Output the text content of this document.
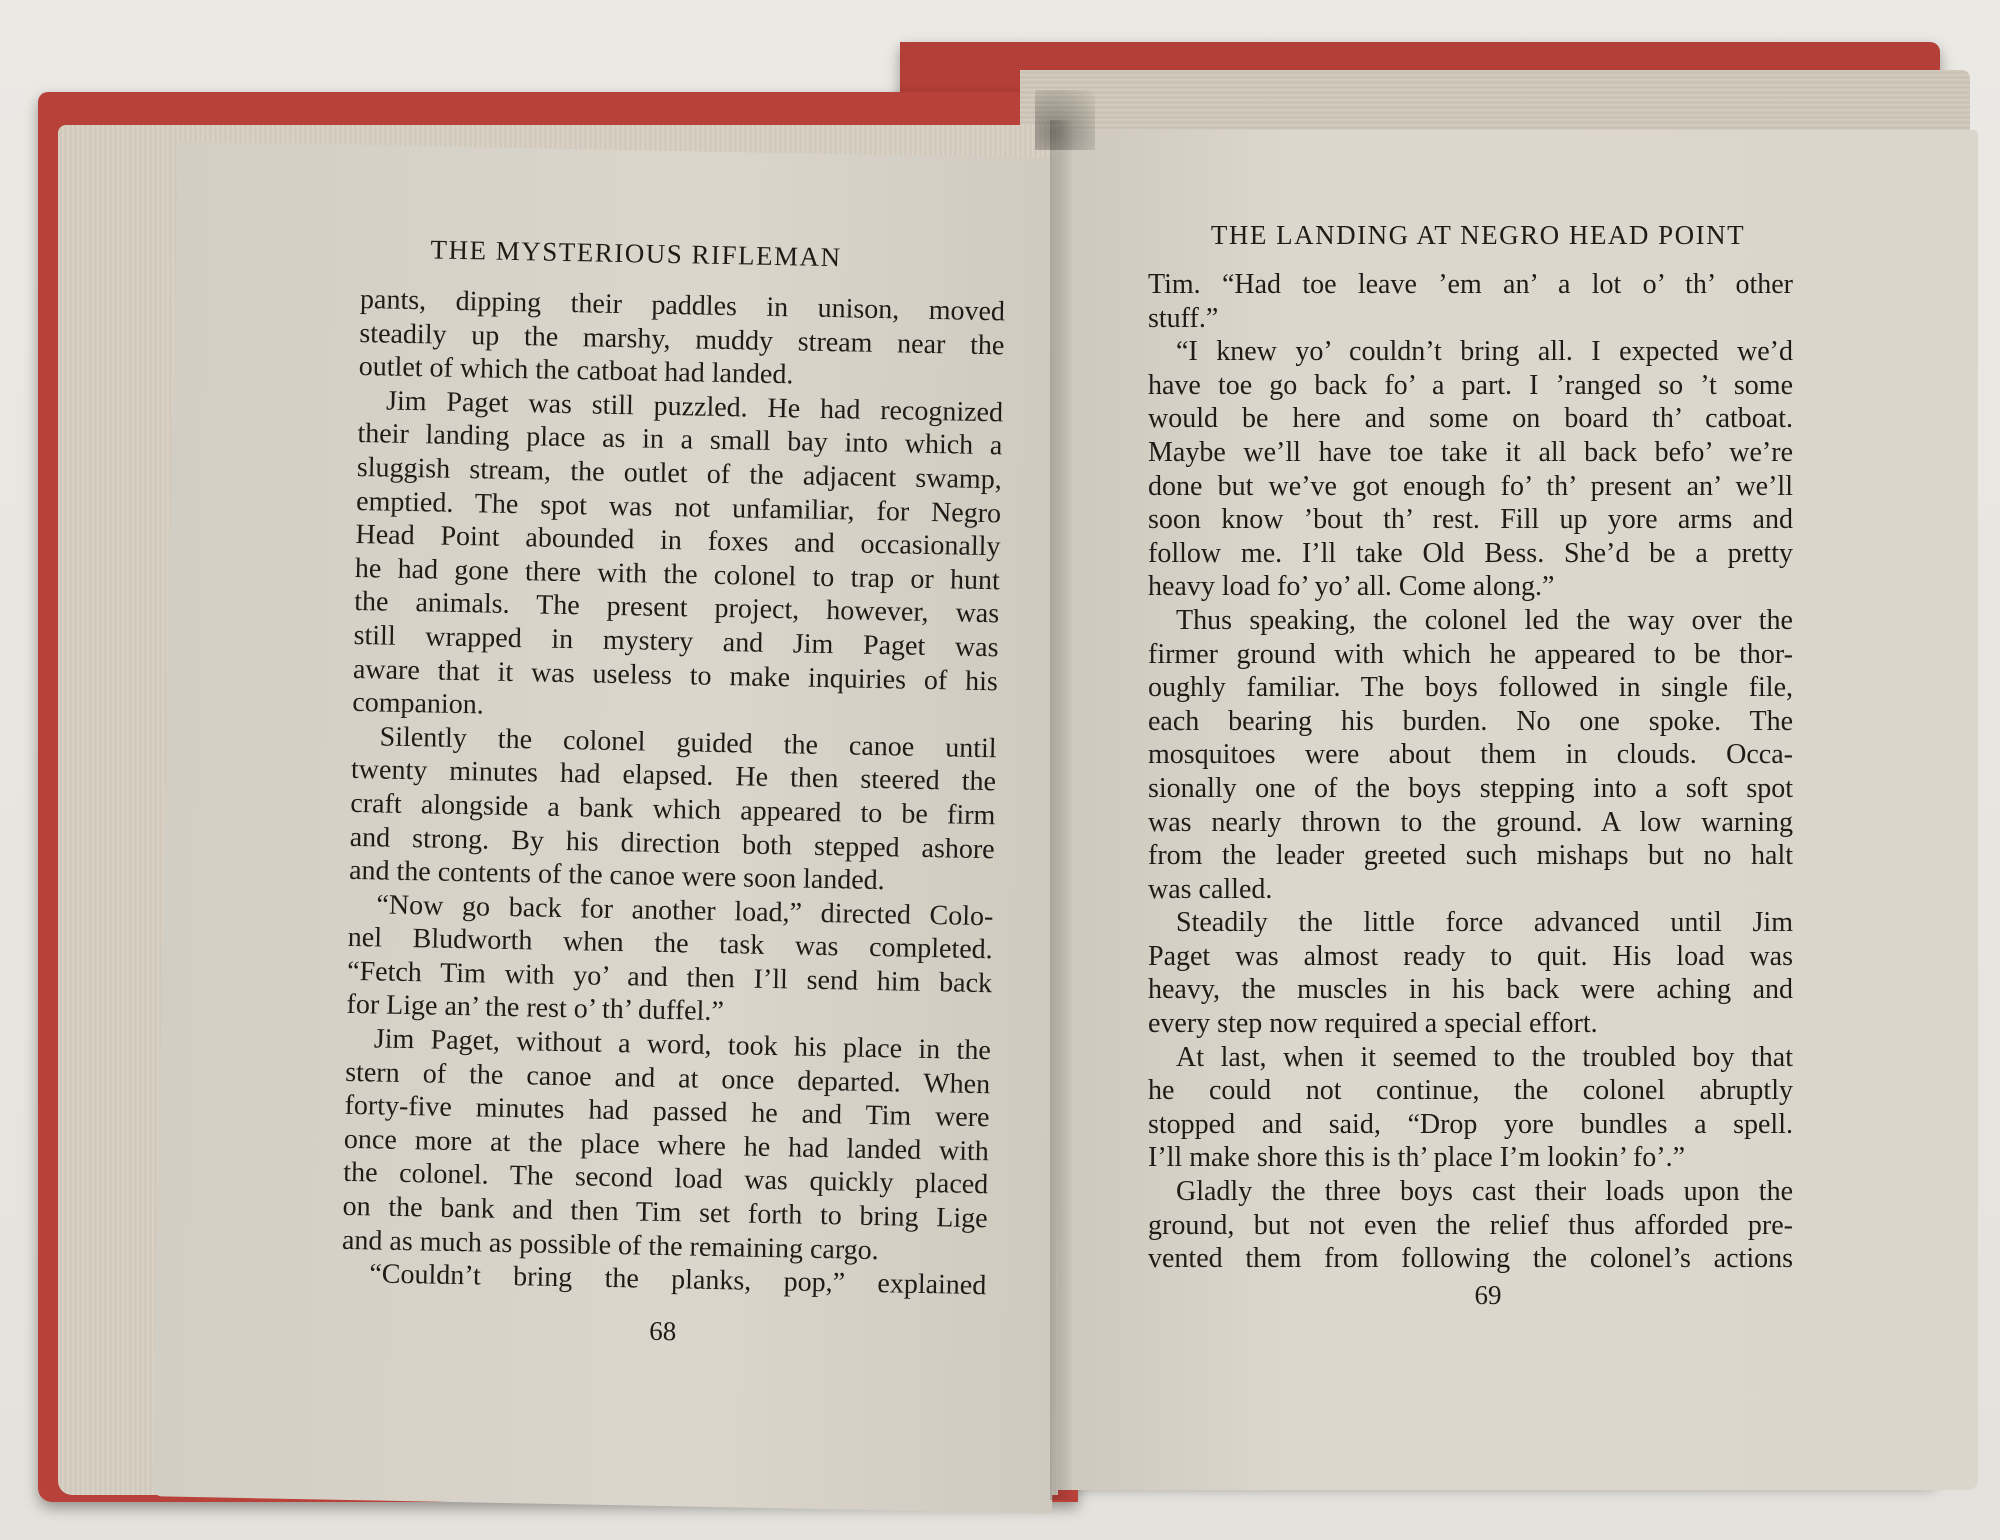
THE MYSTERIOUS RIFLEMAN
pants, dipping their paddles in unison, moved
steadily up the marshy, muddy stream near the
outlet of which the catboat had landed.
Jim Paget was still puzzled. He had recognized
their landing place as in a small bay into which a
sluggish stream, the outlet of the adjacent swamp,
emptied. The spot was not unfamiliar, for Negro
Head Point abounded in foxes and occasionally
he had gone there with the colonel to trap or hunt
the animals. The present project, however, was
still wrapped in mystery and Jim Paget was
aware that it was useless to make inquiries of his
companion.
Silently the colonel guided the canoe until
twenty minutes had elapsed. He then steered the
craft alongside a bank which appeared to be firm
and strong. By his direction both stepped ashore
and the contents of the canoe were soon landed.
“Now go back for another load,” directed Colo-
nel Bludworth when the task was completed.
“Fetch Tim with yo’ and then I’ll send him back
for Lige an’ the rest o’ th’ duffel.”
Jim Paget, without a word, took his place in the
stern of the canoe and at once departed. When
forty-five minutes had passed he and Tim were
once more at the place where he had landed with
the colonel. The second load was quickly placed
on the bank and then Tim set forth to bring Lige
and as much as possible of the remaining cargo.
“Couldn’t bring the planks, pop,” explained
68
THE LANDING AT NEGRO HEAD POINT
Tim. “Had toe leave ’em an’ a lot o’ th’ other
stuff.”
“I knew yo’ couldn’t bring all. I expected we’d
have toe go back fo’ a part. I ’ranged so ’t some
would be here and some on board th’ catboat.
Maybe we’ll have toe take it all back befo’ we’re
done but we’ve got enough fo’ th’ present an’ we’ll
soon know ’bout th’ rest. Fill up yore arms and
follow me. I’ll take Old Bess. She’d be a pretty
heavy load fo’ yo’ all. Come along.”
Thus speaking, the colonel led the way over the
firmer ground with which he appeared to be thor-
oughly familiar. The boys followed in single file,
each bearing his burden. No one spoke. The
mosquitoes were about them in clouds. Occa-
sionally one of the boys stepping into a soft spot
was nearly thrown to the ground. A low warning
from the leader greeted such mishaps but no halt
was called.
Steadily the little force advanced until Jim
Paget was almost ready to quit. His load was
heavy, the muscles in his back were aching and
every step now required a special effort.
At last, when it seemed to the troubled boy that
he could not continue, the colonel abruptly
stopped and said, “Drop yore bundles a spell.
I’ll make shore this is th’ place I’m lookin’ fo’.”
Gladly the three boys cast their loads upon the
ground, but not even the relief thus afforded pre-
vented them from following the colonel’s actions
69
